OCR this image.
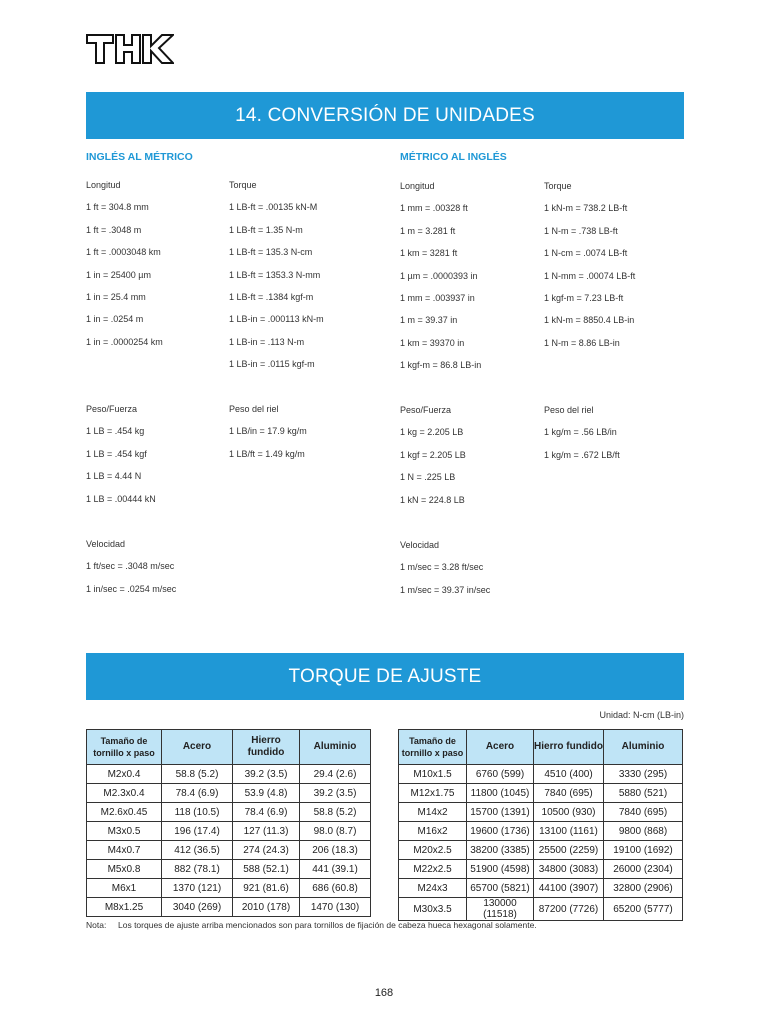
14. CONVERSIÓN DE UNIDADES
INGLÉS AL MÉTRICO	MÉTRICO AL INGLÉS
Longitud
1 ft = 304.8 mm
1 ft = .3048 m
1 ft = .0003048 km
1 in = 25400 µm
1 in = 25.4 mm
1 in = .0254 m
1 in = .0000254 km
Torque
1 LB-ft = .00135 kN-M
1 LB-ft = 1.35 N-m
1 LB-ft = 135.3 N-cm
1 LB-ft = 1353.3 N-mm
1 LB-ft = .1384 kgf-m
1 LB-in = .000113 kN-m
1 LB-in = .113 N-m
1 LB-in = .0115 kgf-m
Peso/Fuerza
1 LB = .454 kg
1 LB = .454 kgf
1 LB = 4.44 N
1 LB = .00444 kN
Peso del riel
1 LB/in = 17.9 kg/m
1 LB/ft = 1.49 kg/m
Velocidad
1 ft/sec = .3048 m/sec
1 in/sec = .0254 m/sec
Longitud
1 mm = .00328 ft
1 m = 3.281 ft
1 km = 3281 ft
1 µm = .0000393 in
1 mm = .003937 in
1 m = 39.37 in
1 km = 39370 in
1 kgf-m = 86.8 LB-in
Torque
1 kN-m = 738.2 LB-ft
1 N-m = .738 LB-ft
1 N-cm = .0074 LB-ft
1 N-mm = .00074 LB-ft
1 kgf-m = 7.23 LB-ft
1 kN-m = 8850.4 LB-in
1 N-m = 8.86 LB-in
Peso/Fuerza
1 kg = 2.205 LB
1 kgf = 2.205 LB
1 N = .225 LB
1 kN = 224.8 LB
Peso del riel
1 kg/m = .56 LB/in
1 kg/m = .672 LB/ft
Velocidad
1 m/sec = 3.28 ft/sec
1 m/sec = 39.37 in/sec
TORQUE DE AJUSTE
Unidad: N-cm (LB-in)
Tamaño de tornillo x paso	Acero	Hierro fundido	Aluminio
M2x0.4	58.8 (5.2)	39.2 (3.5)	29.4 (2.6)
M2.3x0.4	78.4 (6.9)	53.9 (4.8)	39.2 (3.5)
M2.6x0.45	118 (10.5)	78.4 (6.9)	58.8 (5.2)
M3x0.5	196 (17.4)	127 (11.3)	98.0 (8.7)
M4x0.7	412 (36.5)	274 (24.3)	206 (18.3)
M5x0.8	882 (78.1)	588 (52.1)	441 (39.1)
M6x1	1370 (121)	921 (81.6)	686 (60.8)
M8x1.25	3040 (269)	2010 (178)	1470 (130)
Tamaño de tornillo x paso	Acero	Hierro fundido	Aluminio
M10x1.5	6760 (599)	4510 (400)	3330 (295)
M12x1.75	11800 (1045)	7840 (695)	5880 (521)
M14x2	15700 (1391)	10500 (930)	7840 (695)
M16x2	19600 (1736)	13100 (1161)	9800 (868)
M20x2.5	38200 (3385)	25500 (2259)	19100 (1692)
M22x2.5	51900 (4598)	34800 (3083)	26000 (2304)
M24x3	65700 (5821)	44100 (3907)	32800 (2906)
M30x3.5	130000 (11518)	87200 (7726)	65200 (5777)
Nota: Los torques de ajuste arriba mencionados son para tornillos de fijación de cabeza hueca hexagonal solamente.
168
